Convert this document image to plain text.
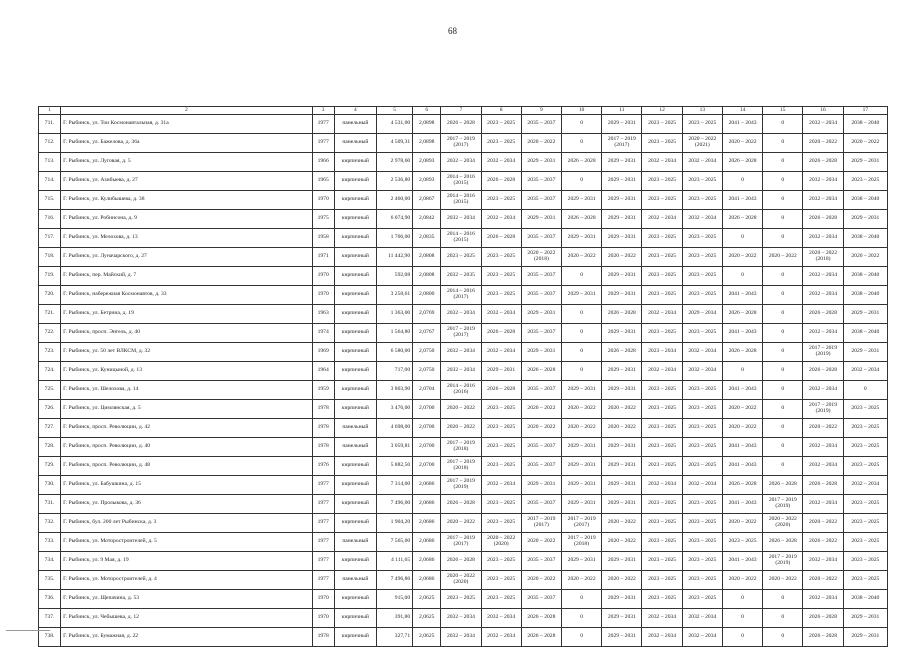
68
1	2	3	4	5	6	7	8	9	10	11	12	13	14	15	16	17
711.	Г. Рыбинск, ул. Тои Космонавтальная, д. 31а	1977	панельный	4 531,00	2,0898	2026 – 2028	2023 – 2025	2035 – 2037	0	2029 – 2031	2023 – 2025	2023 – 2025	2041 – 2043	0	2032 – 2034	2038 – 2040
712.	Г. Рыбинск, ул. Бажелова, д. 36а	1977	панельный	4 509,31	2,0898	2017 – 2019 (2017)	2023 – 2025	2020 – 2022	0	2017 – 2019 (2017)	2023 – 2025	2020 – 2022 (2021)	2020 – 2022	0	2020 – 2022	2020 – 2022
713.	Г. Рыбинск, ул. Луговая, д. 5	1966	кирпичный	2 978,60	2,0893	2032 – 2034	2032 – 2034	2029 – 2031	2026 – 2028	2029 – 2031	2032 – 2034	2032 – 2034	2026 – 2028	0	2026 – 2028	2029 – 2031
714.	Г. Рыбинск, ул. Азибыева, д. 27	1965	кирпичный	2 536,80	2,0893	2014 – 2016 (2015)	2026 – 2028	2035 – 2037	0	2029 – 2031	2023 – 2025	2023 – 2025	0	0	2032 – 2034	2023 – 2025
715.	Г. Рыбинск, ул. Кулибышева, д. 38	1970	кирпичный	2 460,00	2,0867	2014 – 2016 (2015)	2023 – 2025	2035 – 2037	2029 – 2031	2029 – 2031	2023 – 2025	2023 – 2025	2041 – 2043	0	2032 – 2034	2038 – 2040
716.	Г. Рыбинск, ул. Робинсона, д. 9	1975	кирпичный	6 074,90	2,0842	2032 – 2034	2032 – 2034	2029 – 2031	2026 – 2028	2029 – 2031	2032 – 2034	2032 – 2034	2026 – 2028	0	2026 – 2028	2029 – 2031
717.	Г. Рыбинск, ул. Мелохова, д. 13	1958	кирпичный	1 706,00	2,0835	2014 – 2016 (2015)	2026 – 2028	2035 – 2037	2029 – 2031	2029 – 2031	2023 – 2025	2023 – 2025	0	0	2032 – 2034	2038 – 2040
718.	Г. Рыбинск, ул. Луначарского, д. 27	1971	кирпичный	11 442,90	2,0808	2023 – 2025	2023 – 2025	2020 – 2022 (2018)	2020 – 2022	2020 – 2022	2023 – 2025	2023 – 2025	2020 – 2022	2020 – 2022	2020 – 2022 (2018)	2020 – 2022
719.	Г. Рыбинск, пер. Майский, д. 7	1970	кирпичный	592,08	2,0808	2032 – 2035	2023 – 2025	2035 – 2037	0	2029 – 2031	2023 – 2025	2023 – 2025	0	0	2032 – 2034	2038 – 2040
720.	Г. Рыбинск, набережная Космонавтов, д. 33	1970	кирпичный	3 258,61	2,0800	2014 – 2016 (2017)	2023 – 2025	2035 – 2037	2029 – 2031	2029 – 2031	2023 – 2025	2023 – 2025	2041 – 2043	0	2032 – 2034	2038 – 2040
721.	Г. Рыбинск, ул. Бетрина, д. 19	1963	кирпичный	1 363,00	2,0769	2032 – 2034	2032 – 2034	2029 – 2031	0	2026 – 2028	2032 – 2034	2029 – 2034	2026 – 2028	0	2026 – 2028	2029 – 2031
722.	Г. Рыбинск, просп. Энгель, д. 40	1974	кирпичный	1 564,80	2,0767	2017 – 2019 (2017)	2026 – 2028	2035 – 2037	0	2029 – 2031	2023 – 2025	2023 – 2025	2041 – 2043	0	2032 – 2034	2038 – 2040
723.	Г. Рыбинск, ул. 50 лет ВЛКСМ, д. 32	1969	кирпичный	6 580,00	2,0750	2032 – 2034	2032 – 2034	2029 – 2031	0	2026 – 2028	2023 – 2034	2032 – 2034	2026 – 2028	0	2017 – 2019 (2019)	2029 – 2031
724.	Г. Рыбинск, ул. Куницыной, д. 13	1964	кирпичный	717,00	2,0750	2032 – 2034	2029 – 2031	2026 – 2028	0	2029 – 2031	2032 – 2034	2032 – 2034	0	0	2026 – 2028	2032 – 2034
725.	Г. Рыбинск, ул. Шелохова, д. 14	1959	кирпичный	3 803,90	2,0704	2014 – 2016 (2016)	2026 – 2028	2035 – 2037	2029 – 2031	2029 – 2031	2023 – 2025	2023 – 2025	2041 – 2043	0	2032 – 2034	0
726.	Г. Рыбинск, ул. Цимлянская, д. 5	1978	кирпичный	3 476,00	2,0700	2020 – 2022	2023 – 2025	2020 – 2022	2020 – 2022	2020 – 2022	2023 – 2025	2023 – 2025	2020 – 2022	0	2017 – 2019 (2019)	2023 – 2025
727.	Г. Рыбинск, просп. Революции, д. 42	1978	панельный	4 698,00	2,0700	2020 – 2022	2023 – 2025	2020 – 2022	2020 – 2022	2020 – 2022	2023 – 2025	2023 – 2025	2020 – 2022	0	2020 – 2022	2023 – 2025
728.	Г. Рыбинск, просп. Революции, д. 40	1978	панельный	3 059,81	2,0700	2017 – 2019 (2018)	2023 – 2025	2035 – 2037	2029 – 2031	2029 – 2031	2023 – 2025	2023 – 2025	2041 – 2043	0	2032 – 2034	2023 – 2025
729.	Г. Рыбинск, просп. Революции, д. 48	1976	кирпичный	5 882,50	2,0700	2017 – 2019 (2018)	2023 – 2025	2035 – 2037	2029 – 2031	2029 – 2031	2023 – 2025	2023 – 2025	2041 – 2043	0	2032 – 2034	2023 – 2025
730.	Г. Рыбинск, ул. Бабушкина, д. 15	1977	кирпичный	7 314,00	2,0686	2017 – 2019 (2019)	2032 – 2034	2029 – 2031	2029 – 2031	2029 – 2031	2032 – 2034	2032 – 2034	2026 – 2028	2026 – 2028	2026 – 2028	2032 – 2034
731.	Г. Рыбинск, ул. Пролыкова, д. 36	1977	кирпичный	7 496,00	2,0686	2026 – 2028	2023 – 2025	2035 – 2037	2029 – 2031	2029 – 2031	2023 – 2025	2023 – 2025	2041 – 2043	2017 – 2019 (2019)	2032 – 2034	2023 – 2025
732.	Г. Рыбинск, бул. 200 лет Рыбинска, д. 3	1977	кирпичный	1 904,20	2,0686	2020 – 2022	2023 – 2025	2017 – 2019 (2017)	2017 – 2019 (2017)	2020 – 2022	2023 – 2025	2023 – 2025	2020 – 2022	2020 – 2022 (2020)	2020 – 2022	2023 – 2025
733.	Г. Рыбинск, ул. Моторостроителей, д. 5	1977	панельный	7 565,00	2,0686	2017 – 2019 (2017)	2020 – 2022 (2020)	2020 – 2022	2017 – 2019 (2018)	2020 – 2022	2023 – 2025	2023 – 2025	2023 – 2025	2026 – 2028	2026 – 2022	2023 – 2025
734.	Г. Рыбинск, ул. 9 Мая, д. 19	1977	кирпичный	4 111,65	2,0686	2026 – 2028	2023 – 2025	2035 – 2037	2029 – 2031	2029 – 2031	2023 – 2025	2023 – 2025	2041 – 2043	2017 – 2019 (2019)	2032 – 2034	2023 – 2025
735.	Г. Рыбинск, ул. Моторостроителей, д. 4	1977	панельный	7 496,86	2,0686	2020 – 2022 (2020)	2023 – 2025	2020 – 2022	2020 – 2022	2020 – 2022	2023 – 2025	2023 – 2025	2020 – 2022	2020 – 2022	2020 – 2022	2023 – 2025
736.	Г. Рыбинск, ул. Щепачина, д. 53	1970	кирпичный	915,00	2,0625	2023 – 2025	2023 – 2025	2035 – 2037	0	2029 – 2031	2023 – 2025	2023 – 2025	0	0	2032 – 2034	2038 – 2040
737.	Г. Рыбинск, ул. Чебышева, д. 12	1970	кирпичный	391,80	2,0625	2032 – 2034	2032 – 2034	2026 – 2028	0	2029 – 2031	2032 – 2034	2032 – 2034	0	0	2026 – 2028	2029 – 2031
738.	Г. Рыбинск, ул. Бумажная, д. 22	1978	кирпичный	327,71	2,0625	2032 – 2034	2032 – 2034	2026 – 2028	0	2029 – 2031	2032 – 2034	2032 – 2034	0	0	2026 – 2028	2029 – 2031
